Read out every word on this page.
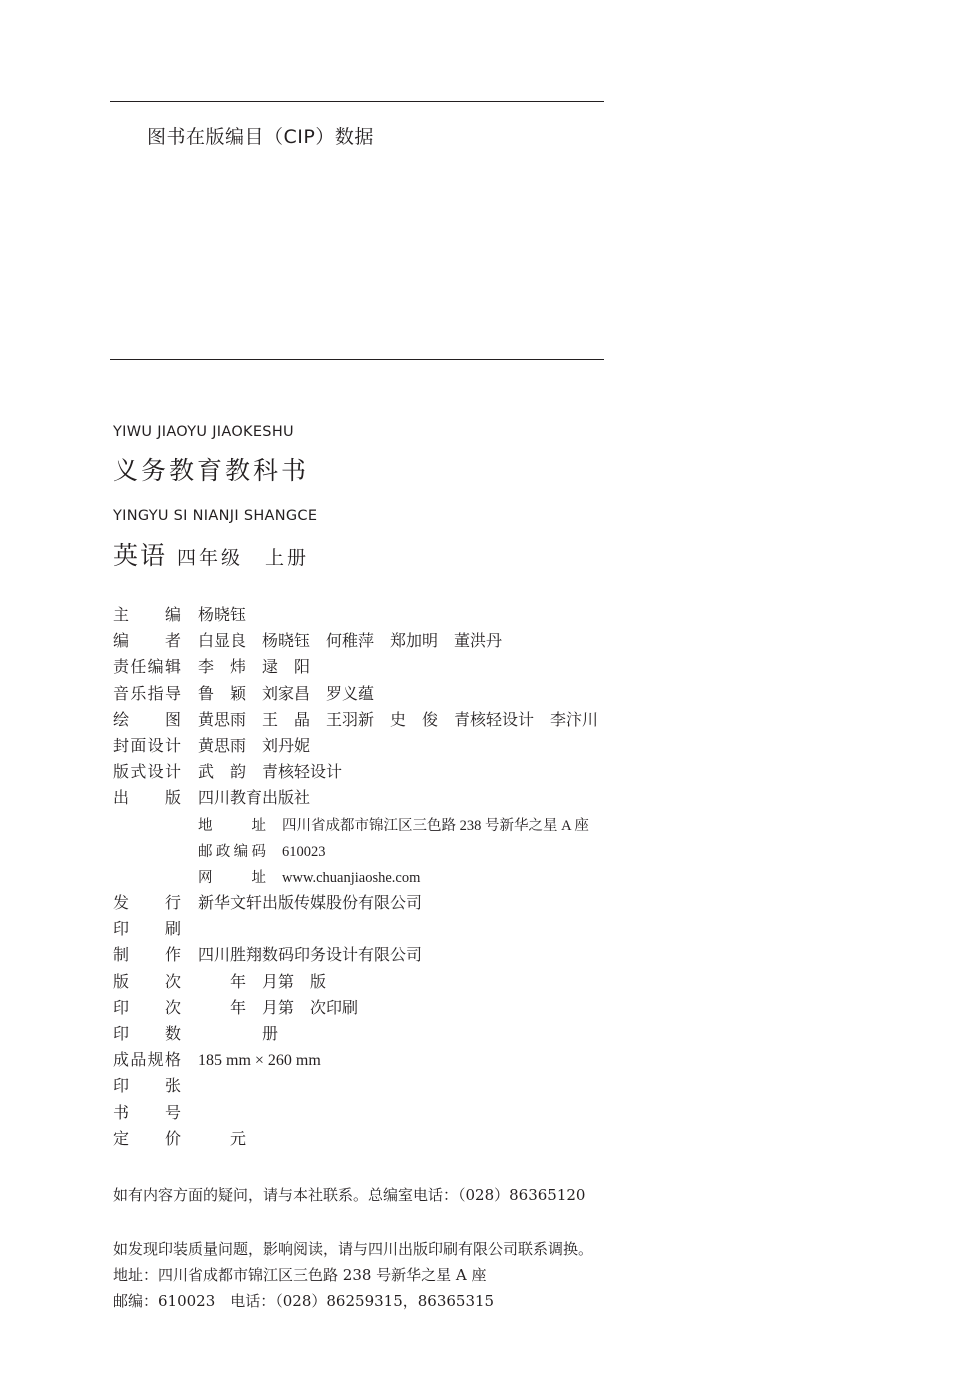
图书在版编目（CIP）数据
YIWU JIAOYU JIAOKESHU
义务教育教科书
YINGYU SI NIANJI SHANGCE
英语 四年级　上册
主编 杨晓钰
编者 白显良　杨晓钰　何稚萍　郑加明　董洪丹
责任编辑 李　炜　逯　阳
音乐指导 鲁　颖　刘家昌　罗义蕴
绘图 黄思雨　王　晶　王羽新　史　俊　青核轻设计　李汴川
封面设计 黄思雨　刘丹妮
版式设计 武　韵　青核轻设计
出版 四川教育出版社
地址 四川省成都市锦江区三色路 238 号新华之星 A 座
邮政编码 610023
网址 www.chuanjiaoshe.com
发行 新华文轩出版传媒股份有限公司
印刷
制作 四川胜翔数码印务设计有限公司
版次 　　年　月第　版
印次 　　年　月第　次印刷
印数 　　　　册
成品规格 185 mm × 260 mm
印张
书号
定价 　　元
如有内容方面的疑问，请与本社联系。总编室电话：（028）86365120
如发现印装质量问题，影响阅读，请与四川出版印刷有限公司联系调换。
地址：四川省成都市锦江区三色路 238 号新华之星 A 座
邮编：610023　电话：（028）86259315，86365315
